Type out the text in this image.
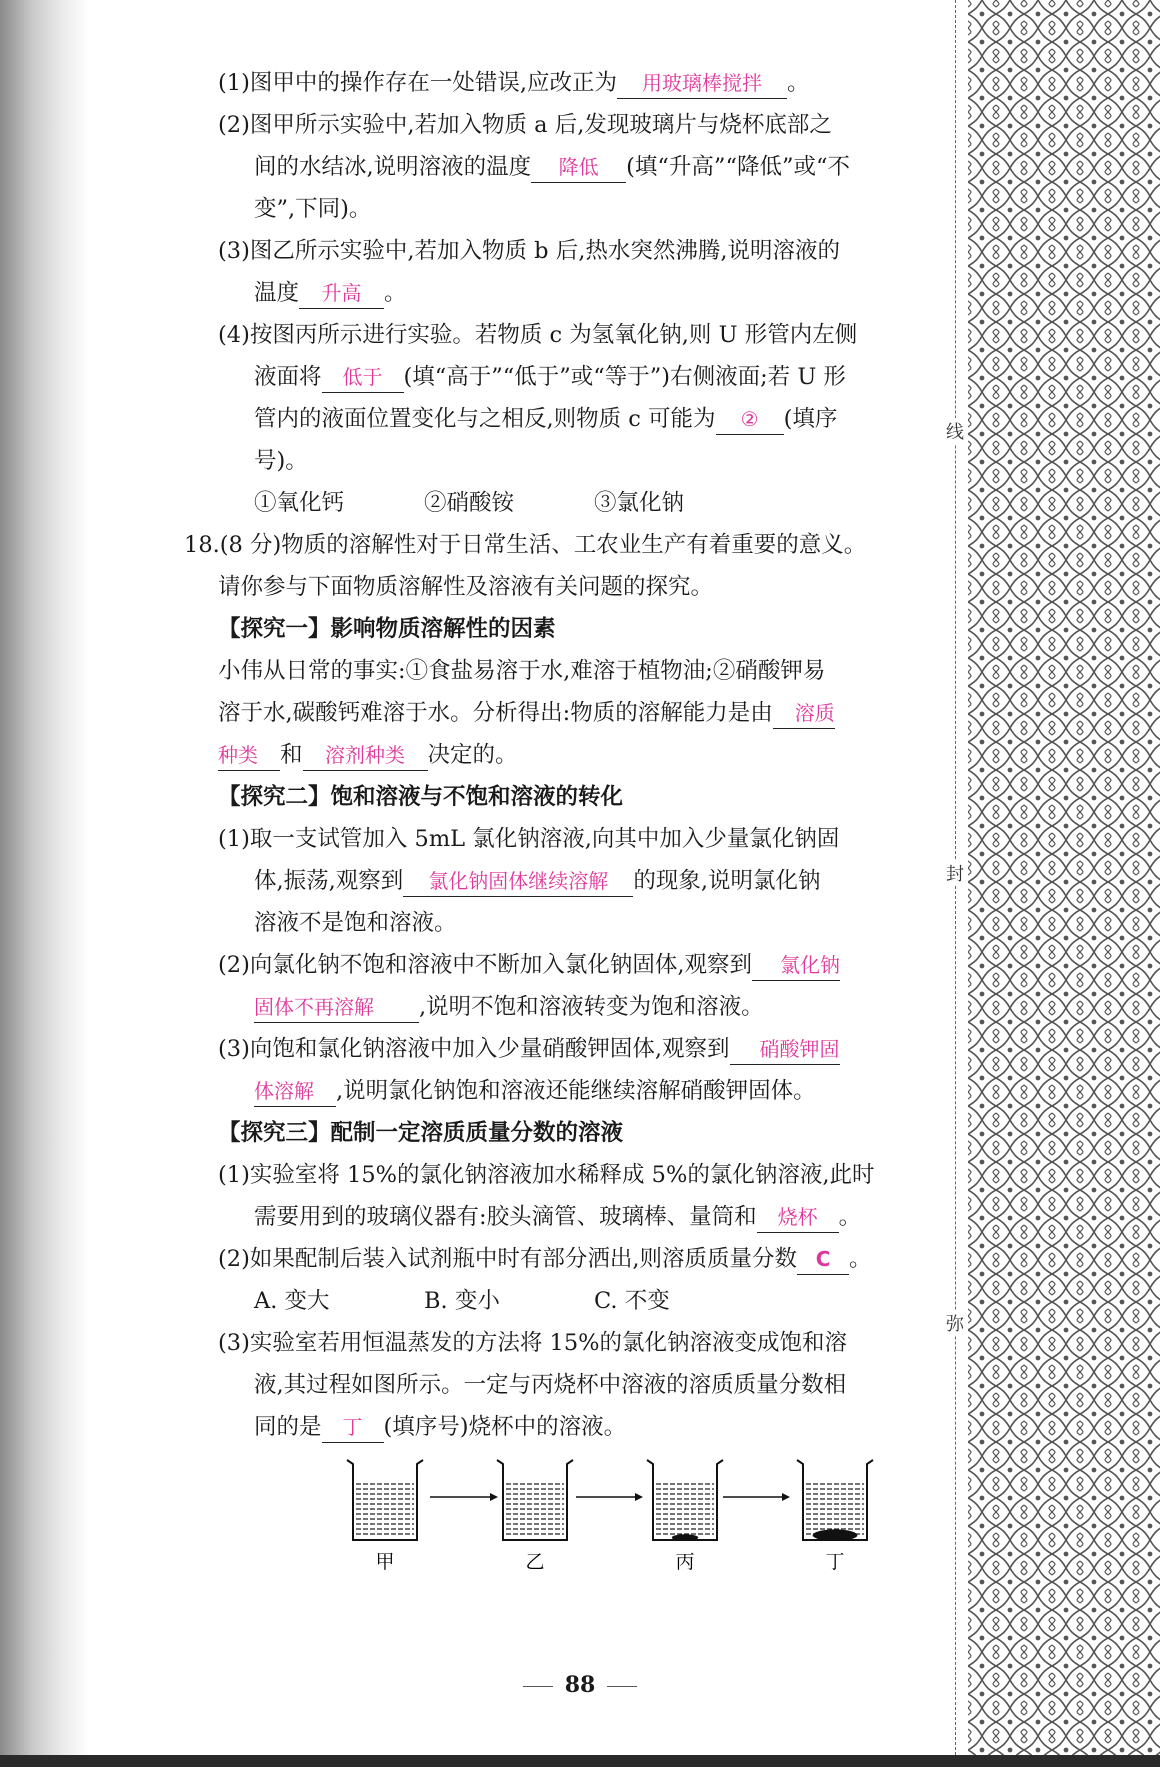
线
封
弥
(1)图甲中的操作存在一处错误,应改正为 用玻璃棒搅拌 。
(2)图甲所示实验中,若加入物质 a 后,发现玻璃片与烧杯底部之
间的水结冰,说明溶液的温度 降低 (填“升高”“降低”或“不
变”,下同)。
(3)图乙所示实验中,若加入物质 b 后,热水突然沸腾,说明溶液的
温度 升高 。
(4)按图丙所示进行实验。若物质 c 为氢氧化钠,则 U 形管内左侧
液面将 低于 (填“高于”“低于”或“等于”)右侧液面;若 U 形
管内的液面位置变化与之相反,则物质 c 可能为 ② (填序
号)。
①氧化钙	②硝酸铵	③氯化钠
18.(8 分)物质的溶解性对于日常生活、工农业生产有着重要的意义。
请你参与下面物质溶解性及溶液有关问题的探究。
【探究一】影响物质溶解性的因素
小伟从日常的事实:①食盐易溶于水,难溶于植物油;②硝酸钾易
溶于水,碳酸钙难溶于水。分析得出:物质的溶解能力是由 溶质
种类 和 溶剂种类 决定的。
【探究二】饱和溶液与不饱和溶液的转化
(1)取一支试管加入 5mL 氯化钠溶液,向其中加入少量氯化钠固
体,振荡,观察到 氯化钠固体继续溶解 的现象,说明氯化钠
溶液不是饱和溶液。
(2)向氯化钠不饱和溶液中不断加入氯化钠固体,观察到 氯化钠
固体不再溶解 ,说明不饱和溶液转变为饱和溶液。
(3)向饱和氯化钠溶液中加入少量硝酸钾固体,观察到 硝酸钾固
体溶解 ,说明氯化钠饱和溶液还能继续溶解硝酸钾固体。
【探究三】配制一定溶质质量分数的溶液
(1)实验室将 15%的氯化钠溶液加水稀释成 5%的氯化钠溶液,此时
需要用到的玻璃仪器有:胶头滴管、玻璃棒、量筒和 烧杯 。
(2)如果配制后装入试剂瓶中时有部分洒出,则溶质质量分数 C 。
A. 变大	B. 变小	C. 不变
(3)实验室若用恒温蒸发的方法将 15%的氯化钠溶液变成饱和溶
液,其过程如图所示。一定与丙烧杯中溶液的溶质质量分数相
同的是 丁 (填序号)烧杯中的溶液。
甲	乙	丙	丁
88
